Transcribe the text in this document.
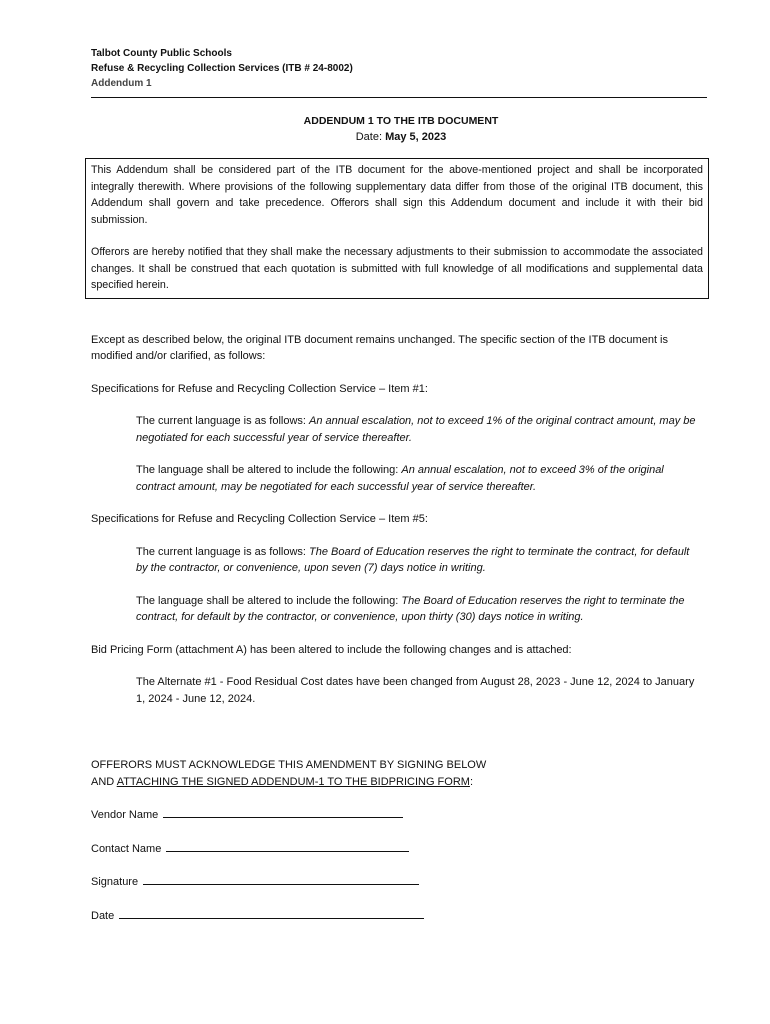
Talbot County Public Schools
Refuse & Recycling Collection Services (ITB # 24-8002)
Addendum 1
ADDENDUM 1 TO THE ITB DOCUMENT
Date: May 5, 2023

This Addendum shall be considered part of the ITB document for the above-mentioned project and shall be incorporated integrally therewith. Where provisions of the following supplementary data differ from those of the original ITB document, this Addendum shall govern and take precedence. Offerors shall sign this Addendum document and include it with their bid submission.

Offerors are hereby notified that they shall make the necessary adjustments to their submission to accommodate the associated changes. It shall be construed that each quotation is submitted with full knowledge of all modifications and supplemental data specified herein.

Except as described below, the original ITB document remains unchanged. The specific section of the ITB document is modified and/or clarified, as follows:

Specifications for Refuse and Recycling Collection Service – Item #1:

The current language is as follows: An annual escalation, not to exceed 1% of the original contract amount, may be negotiated for each successful year of service thereafter.

The language shall be altered to include the following: An annual escalation, not to exceed 3% of the original contract amount, may be negotiated for each successful year of service thereafter.

Specifications for Refuse and Recycling Collection Service – Item #5:

The current language is as follows: The Board of Education reserves the right to terminate the contract, for default by the contractor, or convenience, upon seven (7) days notice in writing.

The language shall be altered to include the following: The Board of Education reserves the right to terminate the contract, for default by the contractor, or convenience, upon thirty (30) days notice in writing.

Bid Pricing Form (attachment A) has been altered to include the following changes and is attached:

The Alternate #1 - Food Residual Cost dates have been changed from August 28, 2023 - June 12, 2024 to January 1, 2024 - June 12, 2024.

OFFERORS MUST ACKNOWLEDGE THIS AMENDMENT BY SIGNING BELOW
AND ATTACHING THE SIGNED ADDENDUM-1 TO THE BIDPRICING FORM:
Vendor Name
Contact Name
Signature
Date
